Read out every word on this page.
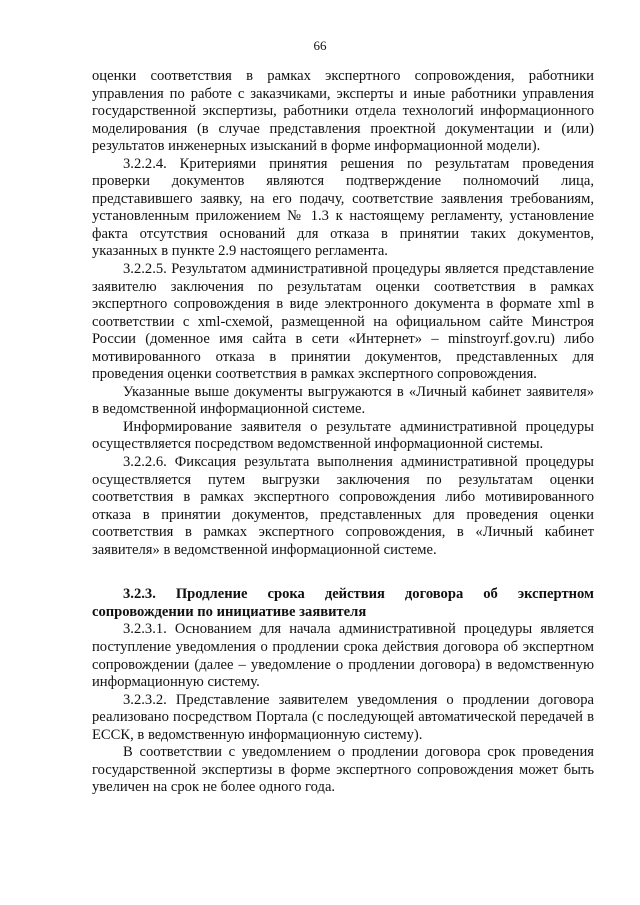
66

оценки соответствия в рамках экспертного сопровождения, работники управления по работе с заказчиками, эксперты и иные работники управления государственной экспертизы, работники отдела технологий информационного моделирования (в случае представления проектной документации и (или) результатов инженерных изысканий в форме информационной модели).

3.2.2.4. Критериями принятия решения по результатам проведения проверки документов являются подтверждение полномочий лица, представившего заявку, на его подачу, соответствие заявления требованиям, установленным приложением № 1.3 к настоящему регламенту, установление факта отсутствия оснований для отказа в принятии таких документов, указанных в пункте 2.9 настоящего регламента.

3.2.2.5. Результатом административной процедуры является представление заявителю заключения по результатам оценки соответствия в рамках экспертного сопровождения в виде электронного документа в формате xml в соответствии с xml-схемой, размещенной на официальном сайте Минстроя России (доменное имя сайта в сети «Интернет» – minstroyrf.gov.ru) либо мотивированного отказа в принятии документов, представленных для проведения оценки соответствия в рамках экспертного сопровождения.

Указанные выше документы выгружаются в «Личный кабинет заявителя» в ведомственной информационной системе.

Информирование заявителя о результате административной процедуры осуществляется посредством ведомственной информационной системы.

3.2.2.6. Фиксация результата выполнения административной процедуры осуществляется путем выгрузки заключения по результатам оценки соответствия в рамках экспертного сопровождения либо мотивированного отказа в принятии документов, представленных для проведения оценки соответствия в рамках экспертного сопровождения, в «Личный кабинет заявителя» в ведомственной информационной системе.

3.2.3. Продление срока действия договора об экспертном сопровождении по инициативе заявителя

3.2.3.1. Основанием для начала административной процедуры является поступление уведомления о продлении срока действия договора об экспертном сопровождении (далее – уведомление о продлении договора) в ведомственную информационную систему.

3.2.3.2. Представление заявителем уведомления о продлении договора реализовано посредством Портала (с последующей автоматической передачей в ЕССК, в ведомственную информационную систему).

В соответствии с уведомлением о продлении договора срок проведения государственной экспертизы в форме экспертного сопровождения может быть увеличен на срок не более одного года.
